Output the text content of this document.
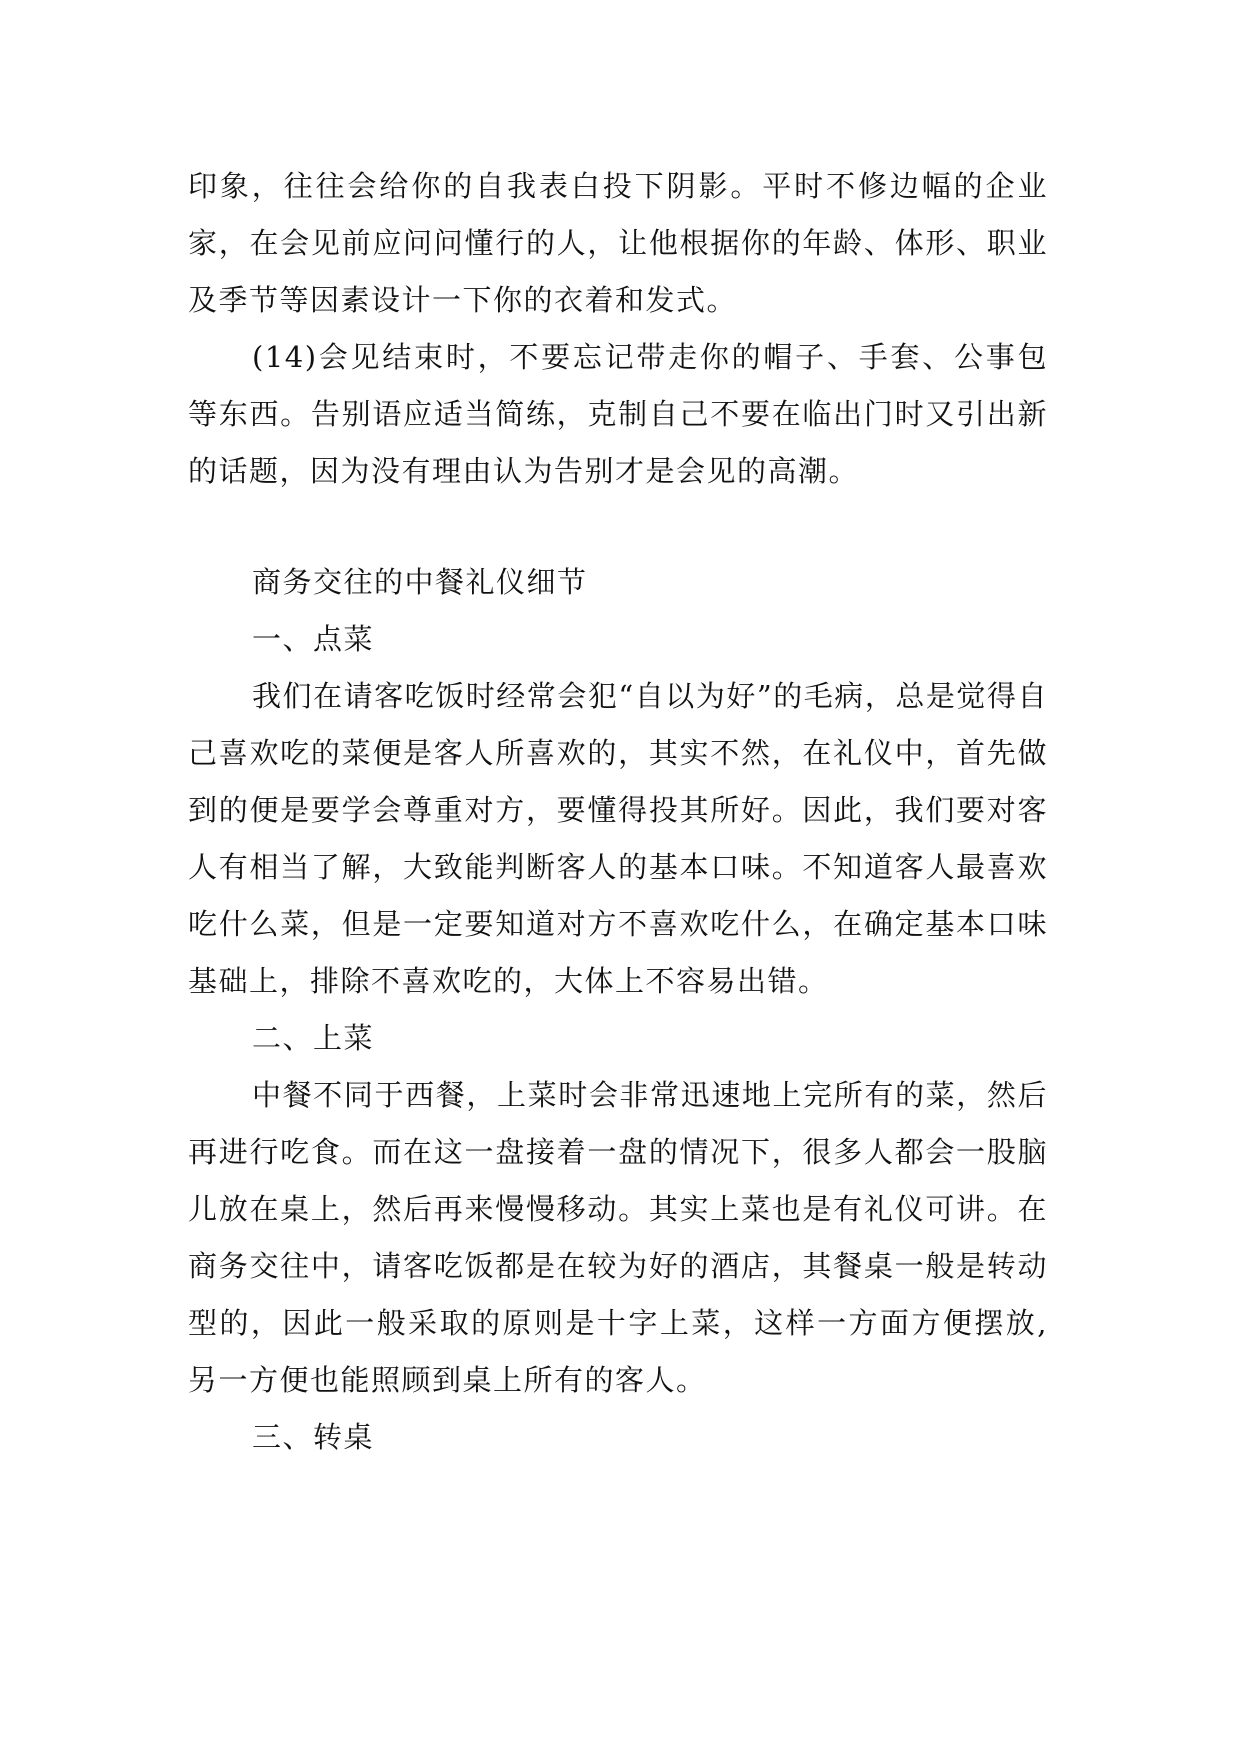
印象，往往会给你的自我表白投下阴影。平时不修边幅的企业家，在会见前应问问懂行的人，让他根据你的年龄、体形、职业及季节等因素设计一下你的衣着和发式。

(14)会见结束时，不要忘记带走你的帽子、手套、公事包等东西。告别语应适当简练，克制自己不要在临出门时又引出新的话题，因为没有理由认为告别才是会见的高潮。

商务交往的中餐礼仪细节

一、点菜

我们在请客吃饭时经常会犯“自以为好”的毛病，总是觉得自己喜欢吃的菜便是客人所喜欢的，其实不然，在礼仪中，首先做到的便是要学会尊重对方，要懂得投其所好。因此，我们要对客人有相当了解，大致能判断客人的基本口味。不知道客人最喜欢吃什么菜，但是一定要知道对方不喜欢吃什么，在确定基本口味基础上，排除不喜欢吃的，大体上不容易出错。

二、上菜

中餐不同于西餐，上菜时会非常迅速地上完所有的菜，然后再进行吃食。而在这一盘接着一盘的情况下，很多人都会一股脑儿放在桌上，然后再来慢慢移动。其实上菜也是有礼仪可讲。在商务交往中，请客吃饭都是在较为好的酒店，其餐桌一般是转动型的，因此一般采取的原则是十字上菜，这样一方面方便摆放,另一方便也能照顾到桌上所有的客人。

三、转桌
